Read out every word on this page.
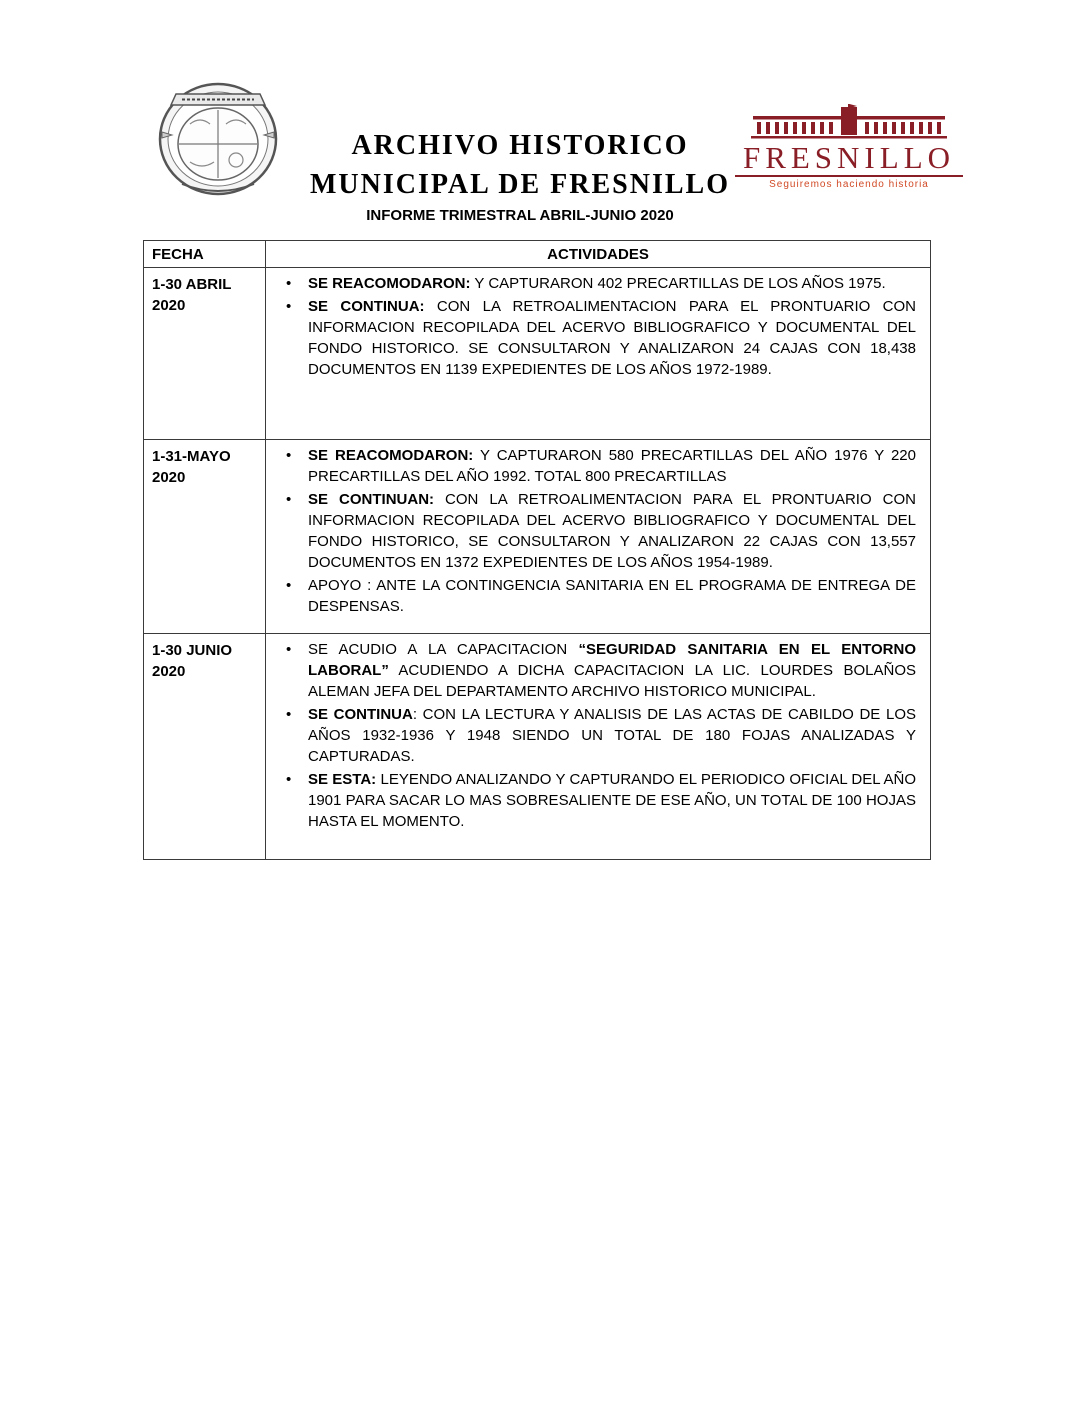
ARCHIVO HISTORICO
MUNICIPAL DE FRESNILLO
INFORME TRIMESTRAL ABRIL-JUNIO 2020
FRESNILLO
Seguiremos haciendo historia
FECHA	ACTIVIDADES
1-30 ABRIL 2020	
• SE REACOMODARON: Y CAPTURARON 402 PRECARTILLAS DE LOS AÑOS 1975.
• SE CONTINUA: CON LA RETROALIMENTACION PARA EL PRONTUARIO CON INFORMACION RECOPILADA DEL ACERVO BIBLIOGRAFICO Y DOCUMENTAL DEL FONDO HISTORICO. SE CONSULTARON Y ANALIZARON 24 CAJAS CON 18,438 DOCUMENTOS EN 1139 EXPEDIENTES DE LOS AÑOS 1972-1989.

1-31-MAYO 2020	
• SE REACOMODARON: Y CAPTURARON 580 PRECARTILLAS DEL AÑO 1976 Y 220 PRECARTILLAS DEL AÑO 1992. TOTAL 800 PRECARTILLAS
• SE CONTINUAN: CON LA RETROALIMENTACION PARA EL PRONTUARIO CON INFORMACION RECOPILADA DEL ACERVO BIBLIOGRAFICO Y DOCUMENTAL DEL FONDO HISTORICO, SE CONSULTARON Y ANALIZARON 22 CAJAS CON 13,557 DOCUMENTOS EN 1372 EXPEDIENTES DE LOS AÑOS 1954-1989.
• APOYO : ANTE LA CONTINGENCIA SANITARIA EN EL PROGRAMA DE ENTREGA DE DESPENSAS.

1-30 JUNIO 2020	
• SE ACUDIO A LA CAPACITACION “SEGURIDAD SANITARIA EN EL ENTORNO LABORAL” ACUDIENDO A DICHA CAPACITACION LA LIC. LOURDES BOLAÑOS ALEMAN JEFA DEL DEPARTAMENTO ARCHIVO HISTORICO MUNICIPAL.
• SE CONTINUA: CON LA LECTURA Y ANALISIS DE LAS ACTAS DE CABILDO DE LOS AÑOS 1932-1936 Y 1948 SIENDO UN TOTAL DE 180 FOJAS ANALIZADAS Y CAPTURADAS.
• SE ESTA: LEYENDO ANALIZANDO Y CAPTURANDO EL PERIODICO OFICIAL DEL AÑO 1901 PARA SACAR LO MAS SOBRESALIENTE DE ESE AÑO, UN TOTAL DE 100 HOJAS HASTA EL MOMENTO.
